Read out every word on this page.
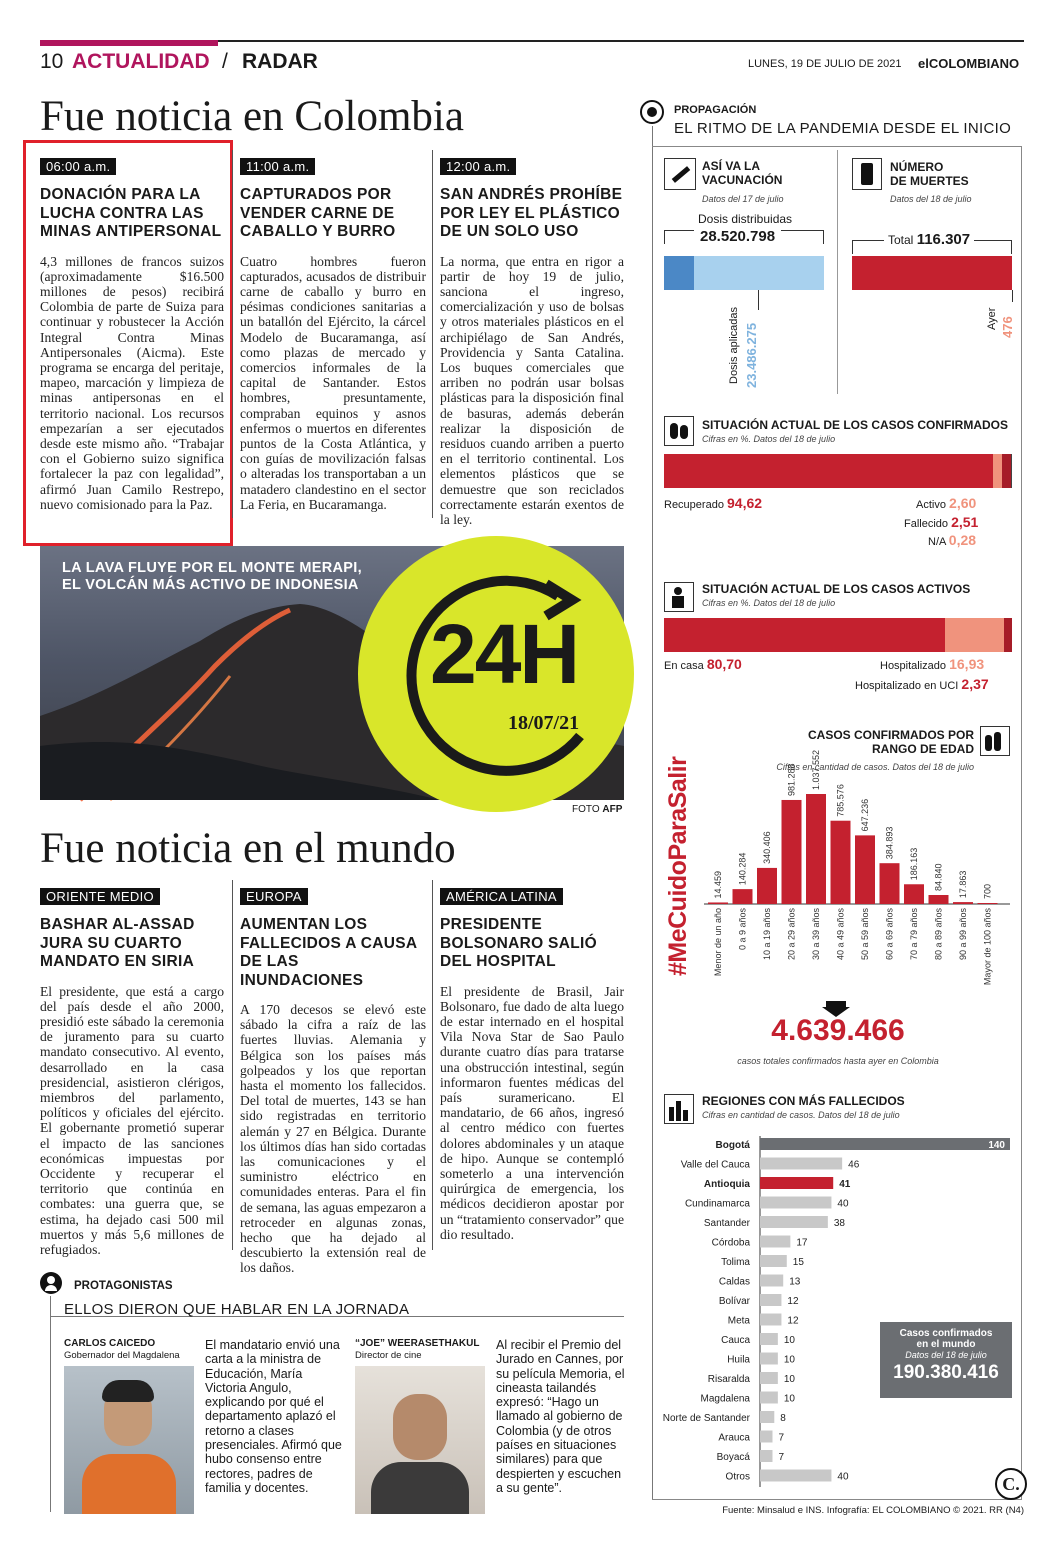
10 ACTUALIDAD / RADAR	LUNES, 19 DE JULIO DE 2021 elCOLOMBIANO
Fue noticia en Colombia
06:00 a.m.
DONACIÓN PARA LA LUCHA CONTRA LAS MINAS ANTIPERSONAL
4,3 millones de francos suizos (aproximadamente $16.500 millones de pesos) recibirá Colombia de parte de Suiza para continuar y robustecer la Acción Integral Contra Minas Antipersonales (Aicma). Este programa se encarga del peritaje, mapeo, marcación y limpieza de minas antipersonas en el territorio nacional. Los recursos empezarían a ser ejecutados desde este mismo año. “Trabajar con el Gobierno suizo significa fortalecer la paz con legalidad”, afirmó Juan Camilo Restrepo, nuevo comisionado para la Paz.
11:00 a.m.
CAPTURADOS POR VENDER CARNE DE CABALLO Y BURRO
Cuatro hombres fueron capturados, acusados de distribuir carne de caballo y burro en pésimas condiciones sanitarias a un batallón del Ejército, la cárcel Modelo de Bucaramanga, así como plazas de mercado y comercios informales de la capital de Santander. Estos hombres, presuntamente, compraban equinos y asnos enfermos o muertos en diferentes puntos de la Costa Atlántica, y con guías de movilización falsas o alteradas los transportaban a un matadero clandestino en el sector La Feria, en Bucaramanga.
12:00 a.m.
SAN ANDRÉS PROHÍBE POR LEY EL PLÁSTICO DE UN SOLO USO
La norma, que entra en rigor a partir de hoy 19 de julio, sanciona el ingreso, comercialización y uso de bolsas y otros materiales plásticos en el archipiélago de San Andrés, Providencia y Santa Catalina. Los buques comerciales que arriben no podrán usar bolsas plásticas para la disposición final de basuras, además deberán realizar la disposición de residuos cuando arriben a puerto en el territorio continental. Los elementos plásticos que se demuestre que son reciclados correctamente estarán exentos de la ley.
LA LAVA FLUYE POR EL MONTE MERAPI,
EL VOLCÁN MÁS ACTIVO DE INDONESIA
24H
18/07/21
FOTO AFP
Fue noticia en el mundo
ORIENTE MEDIO
BASHAR AL-ASSAD JURA SU CUARTO MANDATO EN SIRIA
El presidente, que está a cargo del país desde el año 2000, presidió este sábado la ceremonia de juramento para su cuarto mandato consecutivo. Al evento, desarrollado en la casa presidencial, asistieron clérigos, miembros del parlamento, políticos y oficiales del ejército. El gobernante prometió superar el impacto de las sanciones económicas impuestas por Occidente y recuperar el territorio que continúa en combates: una guerra que, se estima, ha dejado casi 500 mil muertos y más 5,6 millones de refugiados.
EUROPA
AUMENTAN LOS FALLECIDOS A CAUSA DE LAS INUNDACIONES
A 170 decesos se elevó este sábado la cifra a raíz de las fuertes lluvias. Alemania y Bélgica son los países más golpeados y los que reportan hasta el momento los fallecidos. Del total de muertes, 143 se han sido registradas en territorio alemán y 27 en Bélgica. Durante los últimos días han sido cortadas las comunicaciones y el suministro eléctrico en comunidades enteras. Para el fin de semana, las aguas empezaron a retroceder en algunas zonas, hecho que ha dejado al descubierto la extensión real de los daños.
AMÉRICA LATINA
PRESIDENTE BOLSONARO SALIÓ DEL HOSPITAL
El presidente de Brasil, Jair Bolsonaro, fue dado de alta luego de estar internado en el hospital Vila Nova Star de Sao Paulo durante cuatro días para tratarse una obstrucción intestinal, según informaron fuentes médicas del país suramericano. El mandatario, de 66 años, ingresó al centro médico con fuertes dolores abdominales y un ataque de hipo. Aunque se contempló someterlo a una intervención quirúrgica de emergencia, los médicos decidieron apostar por un “tratamiento conservador” que dio resultado.
PROTAGONISTAS
ELLOS DIERON QUE HABLAR EN LA JORNADA
CARLOS CAICEDO
Gobernador del Magdalena
El mandatario envió una carta a la ministra de Educación, María Victoria Angulo, explicando por qué el departamento aplazó el retorno a clases presenciales. Afirmó que hubo consenso entre rectores, padres de familia y docentes.
“JOE” WEERASETHAKUL
Director de cine
Al recibir el Premio del Jurado en Cannes, por su película Memoria, el cineasta tailandés expresó: “Hago un llamado al gobierno de Colombia (y de otros países en situaciones similares) para que despierten y escuchen a su gente”.
PROPAGACIÓN
EL RITMO DE LA PANDEMIA DESDE EL INICIO
ASÍ VA LA
VACUNACIÓN
Datos del 17 de julio
Dosis distribuidas
28.520.798
Dosis aplicadas 23.486.275
NÚMERO
DE MUERTES
Datos del 18 de julio
Total 116.307
Ayer 476
SITUACIÓN ACTUAL DE LOS CASOS CONFIRMADOS
Cifras en %. Datos del 18 de julio
Recuperado 94,62	Activo 2,60
Fallecido 2,51
N/A 0,28
SITUACIÓN ACTUAL DE LOS CASOS ACTIVOS
Cifras en %. Datos del 18 de julio
En casa 80,70	Hospitalizado 16,93
Hospitalizado en UCI 2,37
#MeCuidoParaSalir
CASOS CONFIRMADOS POR RANGO DE EDAD
Cifras en cantidad de casos. Datos del 18 de julio
14.459
Menor de un año
140.284
0 a 9 años
340.406
10 a 19 años
981.288
20 a 29 años
1.037.552
30 a 39 años
785.576
40 a 49 años
647.236
50 a 59 años
384.893
60 a 69 años
186.163
70 a 79 años
84.840
80 a 89 años
17.863
90 a 99 años
700
Mayor de 100 años
4.639.466
casos totales confirmados hasta ayer en Colombia
REGIONES CON MÁS FALLECIDOS
Cifras en cantidad de casos. Datos del 18 de julio
Bogotá	140
Valle del Cauca	46
Antioquia	41
Cundinamarca	40
Santander	38
Córdoba	17
Tolima	15
Caldas	13
Bolívar	12
Meta	12
Cauca	10
Huila	10
Risaralda	10
Magdalena	10
Norte de Santander	8
Arauca	7
Boyacá	7
Otros	40
Casos confirmados
en el mundo
Datos del 18 de julio
190.380.416
C.
Fuente: Minsalud e INS. Infografía: EL COLOMBIANO © 2021. RR (N4)
